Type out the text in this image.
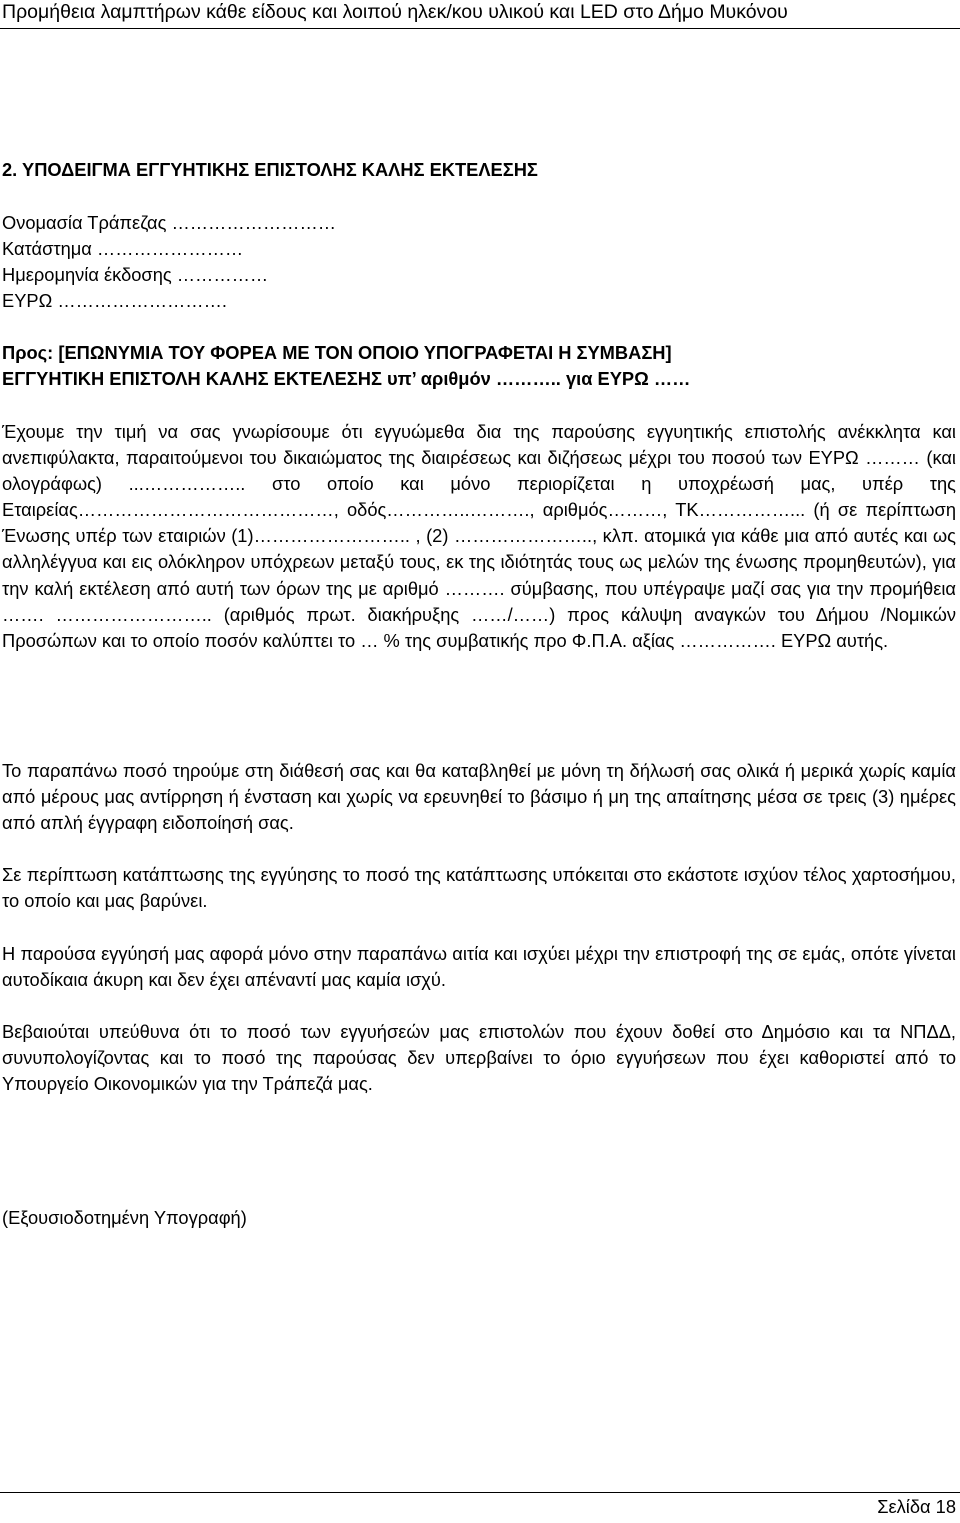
Προμήθεια λαμπτήρων κάθε είδους και λοιπού ηλεκ/κου υλικού και LED στο Δήμο Μυκόνου
2. ΥΠΟΔΕΙΓΜΑ ΕΓΓΥΗΤΙΚΗΣ ΕΠΙΣΤΟΛΗΣ ΚΑΛΗΣ ΕΚΤΕΛΕΣΗΣ
Ονομασία Τράπεζας ………………………
Κατάστημα ……………………
Ημερομηνία έκδοσης ……………
ΕΥΡΩ ……………………….
Προς: [ΕΠΩΝΥΜΙΑ ΤΟΥ ΦΟΡΕΑ ΜΕ ΤΟΝ ΟΠΟΙΟ ΥΠΟΓΡΑΦΕΤΑΙ Η ΣΥΜΒΑΣΗ]
ΕΓΓΥΗΤΙΚΗ ΕΠΙΣΤΟΛΗ ΚΑΛΗΣ ΕΚΤΕΛΕΣΗΣ υπ’ αριθμόν ……….. για ΕΥΡΩ ……
Έχουμε την τιμή να σας γνωρίσουμε ότι εγγυώμεθα δια της παρούσης εγγυητικής επιστολής ανέκκλητα και ανεπιφύλακτα, παραιτούμενοι του δικαιώματος της διαιρέσεως και διζήσεως μέχρι του ποσού των ΕΥΡΩ ……… (και ολογράφως) ...…………….. στο οποίο και μόνο περιορίζεται η υποχρέωσή μας, υπέρ της Εταιρείας……………………………………, οδός…………..………., αριθμός………, ΤΚ……………... (ή σε περίπτωση Ένωσης υπέρ των εταιριών (1)…………………….. , (2) ………………….., κλπ. ατομικά για κάθε μια από αυτές και ως αλληλέγγυα και εις ολόκληρον υπόχρεων μεταξύ τους, εκ της ιδιότητάς τους ως μελών της ένωσης προμηθευτών), για την καλή εκτέλεση από αυτή των όρων της με αριθμό ………. σύμβασης, που υπέγραψε μαζί σας για την προμήθεια ……. …………………….. (αριθμός πρωτ. διακήρυξης ……/……) προς κάλυψη αναγκών του Δήμου /Νομικών Προσώπων και το οποίο ποσόν καλύπτει το … % της συμβατικής προ Φ.Π.Α. αξίας ……………. ΕΥΡΩ αυτής.
Το παραπάνω ποσό τηρούμε στη διάθεσή σας και θα καταβληθεί με μόνη τη δήλωσή σας ολικά ή μερικά χωρίς καμία από μέρους μας αντίρρηση ή ένσταση και χωρίς να ερευνηθεί το βάσιμο ή μη της απαίτησης μέσα σε τρεις (3) ημέρες από απλή έγγραφη ειδοποίησή σας.
Σε περίπτωση κατάπτωσης της εγγύησης το ποσό της κατάπτωσης υπόκειται στο εκάστοτε ισχύον τέλος χαρτοσήμου, το οποίο και μας βαρύνει.
Η παρούσα εγγύησή μας αφορά μόνο στην παραπάνω αιτία και ισχύει μέχρι την επιστροφή της σε εμάς, οπότε γίνεται αυτοδίκαια άκυρη και δεν έχει απέναντί μας καμία ισχύ.
Βεβαιούται υπεύθυνα ότι το ποσό των εγγυήσεών μας επιστολών που έχουν δοθεί στο Δημόσιο και τα ΝΠΔΔ, συνυπολογίζοντας και το ποσό της παρούσας δεν υπερβαίνει το όριο εγγυήσεων που έχει καθοριστεί από το Υπουργείο Οικονομικών για την Τράπεζά μας.
(Εξουσιοδοτημένη Υπογραφή)
Σελίδα 18
